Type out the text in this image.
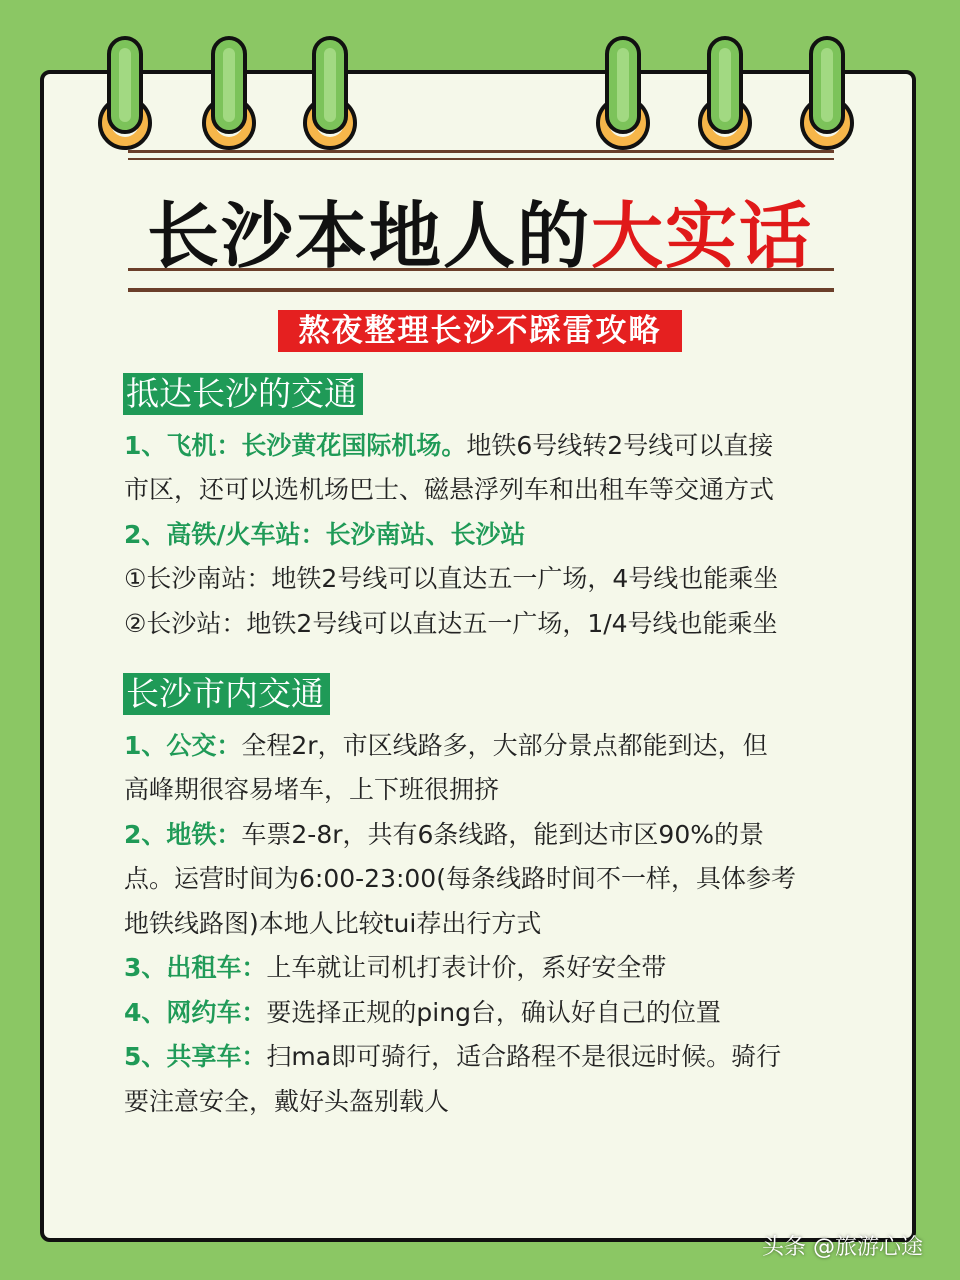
长沙本地人的大实话
熬夜整理长沙不踩雷攻略
抵达长沙的交通
1、飞机：长沙黄花国际机场。地铁6号线转2号线可以直接
市区，还可以选机场巴士、磁悬浮列车和出租车等交通方式
2、高铁/火车站：长沙南站、长沙站
①长沙南站：地铁2号线可以直达五一广场，4号线也能乘坐
②长沙站：地铁2号线可以直达五一广场，1/4号线也能乘坐
长沙市内交通
1、公交：全程2r，市区线路多，大部分景点都能到达，但
高峰期很容易堵车，上下班很拥挤
2、地铁：车票2-8r，共有6条线路，能到达市区90%的景
点。运营时间为6:00-23:00(每条线路时间不一样，具体参考
地铁线路图)本地人比较tui荐出行方式
3、出租车：上车就让司机打表计价，系好安全带
4、网约车：要选择正规的ping台，确认好自己的位置
5、共享车：扫ma即可骑行，适合路程不是很远时候。骑行
要注意安全，戴好头盔别载人
头条 @旅游心途
